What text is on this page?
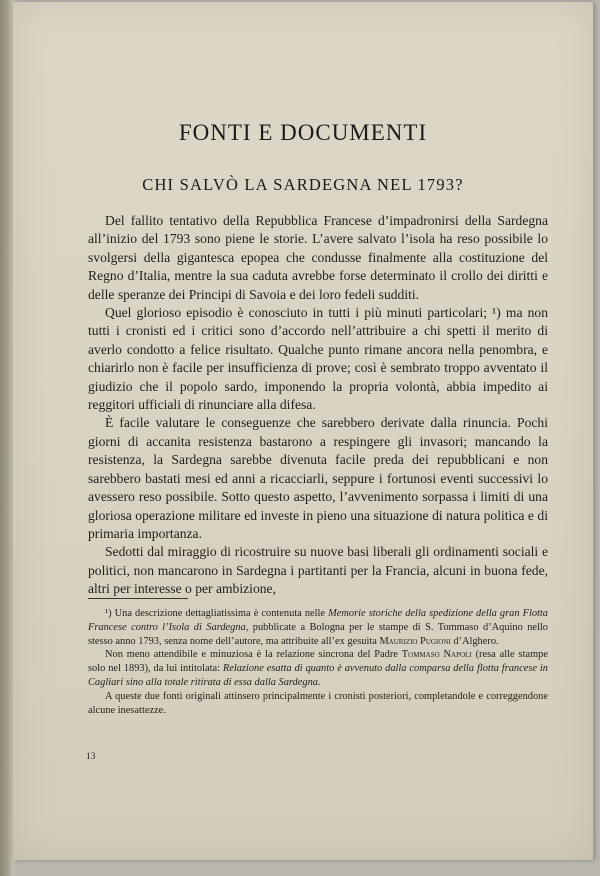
FONTI E DOCUMENTI
CHI SALVÒ LA SARDEGNA NEL 1793?

Del fallito tentativo della Repubblica Francese d’impadronirsi della Sardegna all’inizio del 1793 sono piene le storie. L’avere salvato l’isola ha reso possibile lo svolgersi della gigantesca epopea che condusse finalmente alla costituzione del Regno d’Italia, mentre la sua caduta avrebbe forse determinato il crollo dei diritti e delle speranze dei Principi di Savoia e dei loro fedeli sudditi.

Quel glorioso episodio è conosciuto in tutti i più minuti particolari; ¹) ma non tutti i cronisti ed i critici sono d’accordo nell’attribuire a chi spetti il merito di averlo condotto a felice risultato. Qualche punto rimane ancora nella penombra, e chiarirlo non è facile per insufficienza di prove; così è sembrato troppo avventato il giudizio che il popolo sardo, imponendo la propria volontà, abbia impedito ai reggitori ufficiali di rinunciare alla difesa.

È facile valutare le conseguenze che sarebbero derivate dalla rinuncia. Pochi giorni di accanita resistenza bastarono a respingere gli invasori; mancando la resistenza, la Sardegna sarebbe divenuta facile preda dei repubblicani e non sarebbero bastati mesi ed anni a ricacciarli, seppure i fortunosi eventi successivi lo avessero reso possibile. Sotto questo aspetto, l’avvenimento sorpassa i limiti di una gloriosa operazione militare ed investe in pieno una situazione di natura politica e di primaria importanza.

Sedotti dal miraggio di ricostruire su nuove basi liberali gli ordinamenti sociali e politici, non mancarono in Sardegna i partitanti per la Francia, alcuni in buona fede, altri per interesse o per ambizione,

¹) Una descrizione dettagliatissima è contenuta nelle Memorie storiche della spedizione della gran Flotta Francese contro l’Isola di Sardegna, pubblicate a Bologna per le stampe di S. Tommaso d’Aquino nello stesso anno 1793, senza nome dell’autore, ma attribuite all’ex gesuita Maurizio Pugioni d’Alghero.

Non meno attendibile e minuziosa è la relazione sincrona del Padre Tommaso Napoli (resa alle stampe solo nel 1893), da lui intitolata: Relazione esatta di quanto è avvenuto dalla comparsa della flotta francese in Cagliari sino alla totale ritirata di essa dalla Sardegna.

A queste due fonti originali attinsero principalmente i cronisti posteriori, completandole e correggendone alcune inesattezze.

13
